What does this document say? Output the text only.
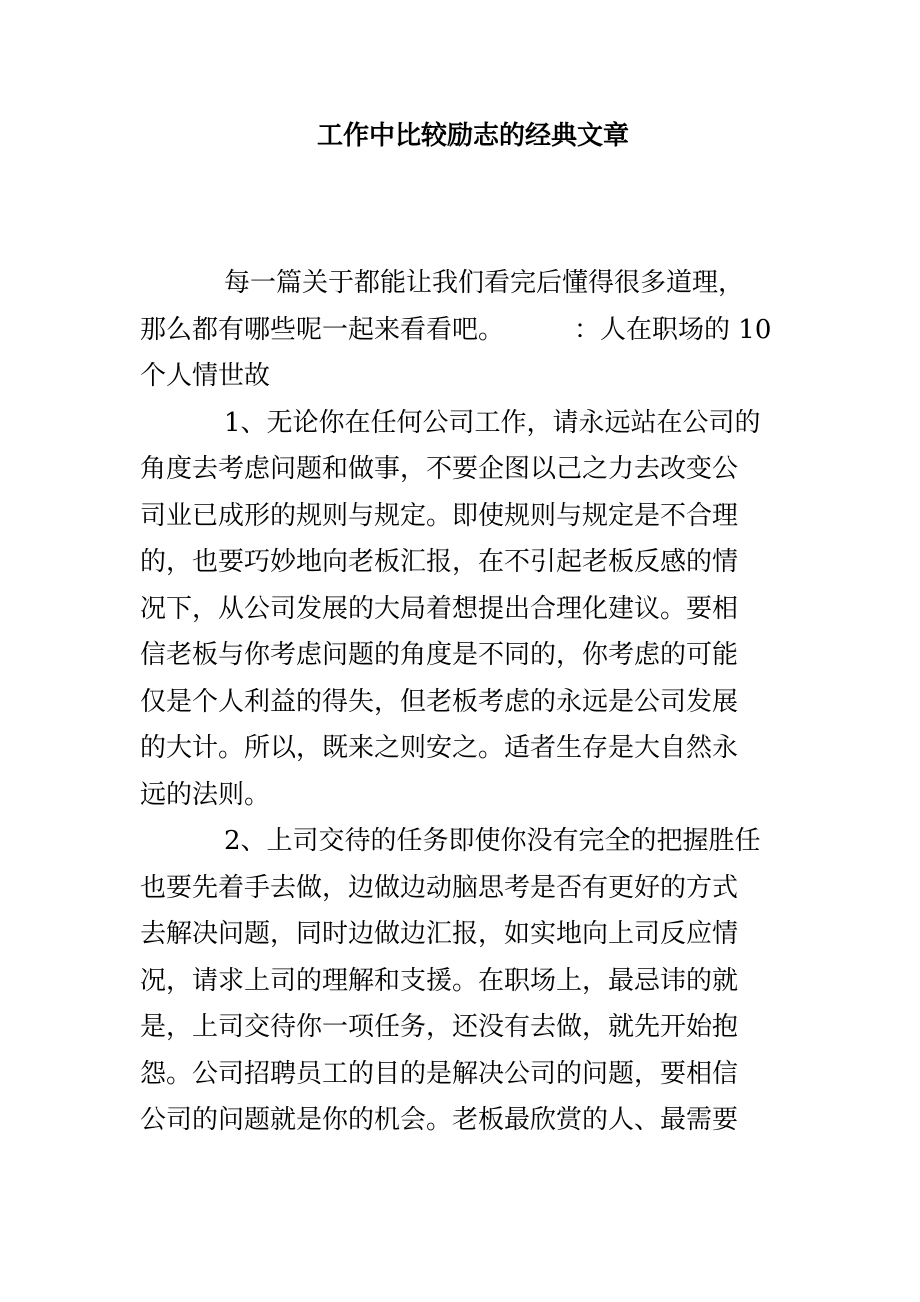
工作中比较励志的经典文章
每一篇关于都能让我们看完后懂得很多道理，
那么都有哪些呢一起来看看吧。	：人在职场的 10
个人情世故
1、无论你在任何公司工作，请永远站在公司的
角度去考虑问题和做事，不要企图以己之力去改变公
司业已成形的规则与规定。即使规则与规定是不合理
的，也要巧妙地向老板汇报，在不引起老板反感的情
况下，从公司发展的大局着想提出合理化建议。要相
信老板与你考虑问题的角度是不同的，你考虑的可能
仅是个人利益的得失，但老板考虑的永远是公司发展
的大计。所以，既来之则安之。适者生存是大自然永
远的法则。
2、上司交待的任务即使你没有完全的把握胜任
也要先着手去做，边做边动脑思考是否有更好的方式
去解决问题，同时边做边汇报，如实地向上司反应情
况，请求上司的理解和支援。在职场上，最忌讳的就
是，上司交待你一项任务，还没有去做，就先开始抱
怨。公司招聘员工的目的是解决公司的问题，要相信
公司的问题就是你的机会。老板最欣赏的人、最需要
